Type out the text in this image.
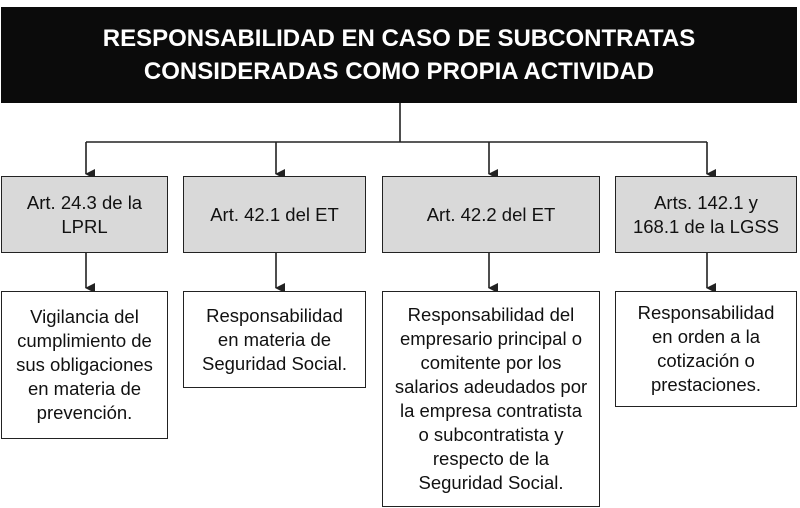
RESPONSABILIDAD EN CASO DE SUBCONTRATAS
CONSIDERADAS COMO PROPIA ACTIVIDAD
Art. 24.3 de la
LPRL
Art. 42.1 del ET	Art. 42.2 del ET
Arts. 142.1 y
168.1 de la LGSS
Vigilancia del
cumplimiento de
sus obligaciones
en materia de
prevención.
Responsabilidad
en materia de
Seguridad Social.
Responsabilidad del
empresario principal o
comitente por los
salarios adeudados por
la empresa contratista
o subcontratista y
respecto de la
Seguridad Social.
Responsabilidad
en orden a la
cotización o
prestaciones.
